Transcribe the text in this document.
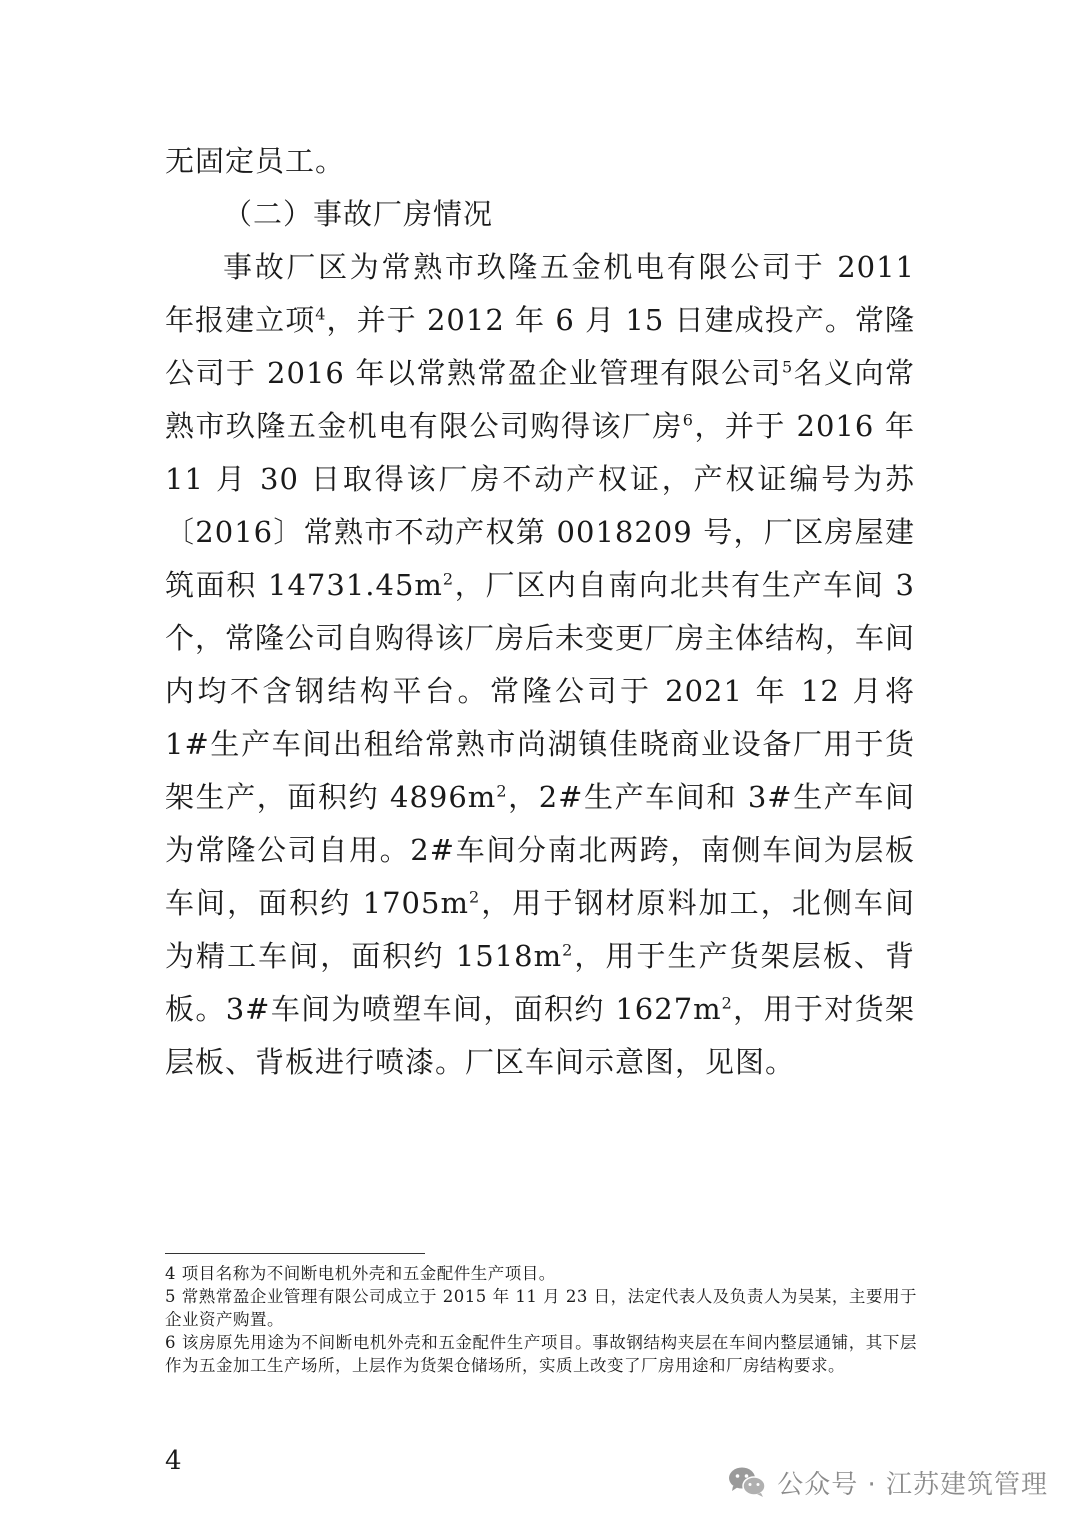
无固定员工。

（二）事故厂房情况

事故厂区为常熟市玖隆五金机电有限公司于 2011 年报建立项$^4$，并于 2012 年 6 月 15 日建成投产。常隆公司于 2016 年以常熟常盈企业管理有限公司$^5$名义向常熟市玖隆五金机电有限公司购得该厂房$^6$，并于 2016 年 11 月 30 日取得该厂房不动产权证，产权证编号为苏〔2016〕常熟市不动产权第 0018209 号，厂区房屋建筑面积 $14731.45m^2$，厂区内自南向北共有生产车间 3 个，常隆公司自购得该厂房后未变更厂房主体结构，车间内均不含钢结构平台。常隆公司于 2021 年 12 月将 1#生产车间出租给常熟市尚湖镇佳晓商业设备厂用于货架生产，面积约 $4896m^2$，2#生产车间和 3#生产车间为常隆公司自用。2#车间分南北两跨，南侧车间为层板车间，面积约 $1705m^2$，用于钢材原料加工，北侧车间为精工车间，面积约 $1518m^2$，用于生产货架层板、背板。3#车间为喷塑车间，面积约 $1627m^2$，用于对货架层板、背板进行喷漆。厂区车间示意图，见图。

4 项目名称为不间断电机外壳和五金配件生产项目。

5 常熟常盈企业管理有限公司成立于 2015 年 11 月 23 日，法定代表人及负责人为吴某，主要用于企业资产购置。

6 该房原先用途为不间断电机外壳和五金配件生产项目。事故钢结构夹层在车间内整层通铺，其下层作为五金加工生产场所，上层作为货架仓储场所，实质上改变了厂房用途和厂房结构要求。

4
公众号 · 江苏建筑管理
